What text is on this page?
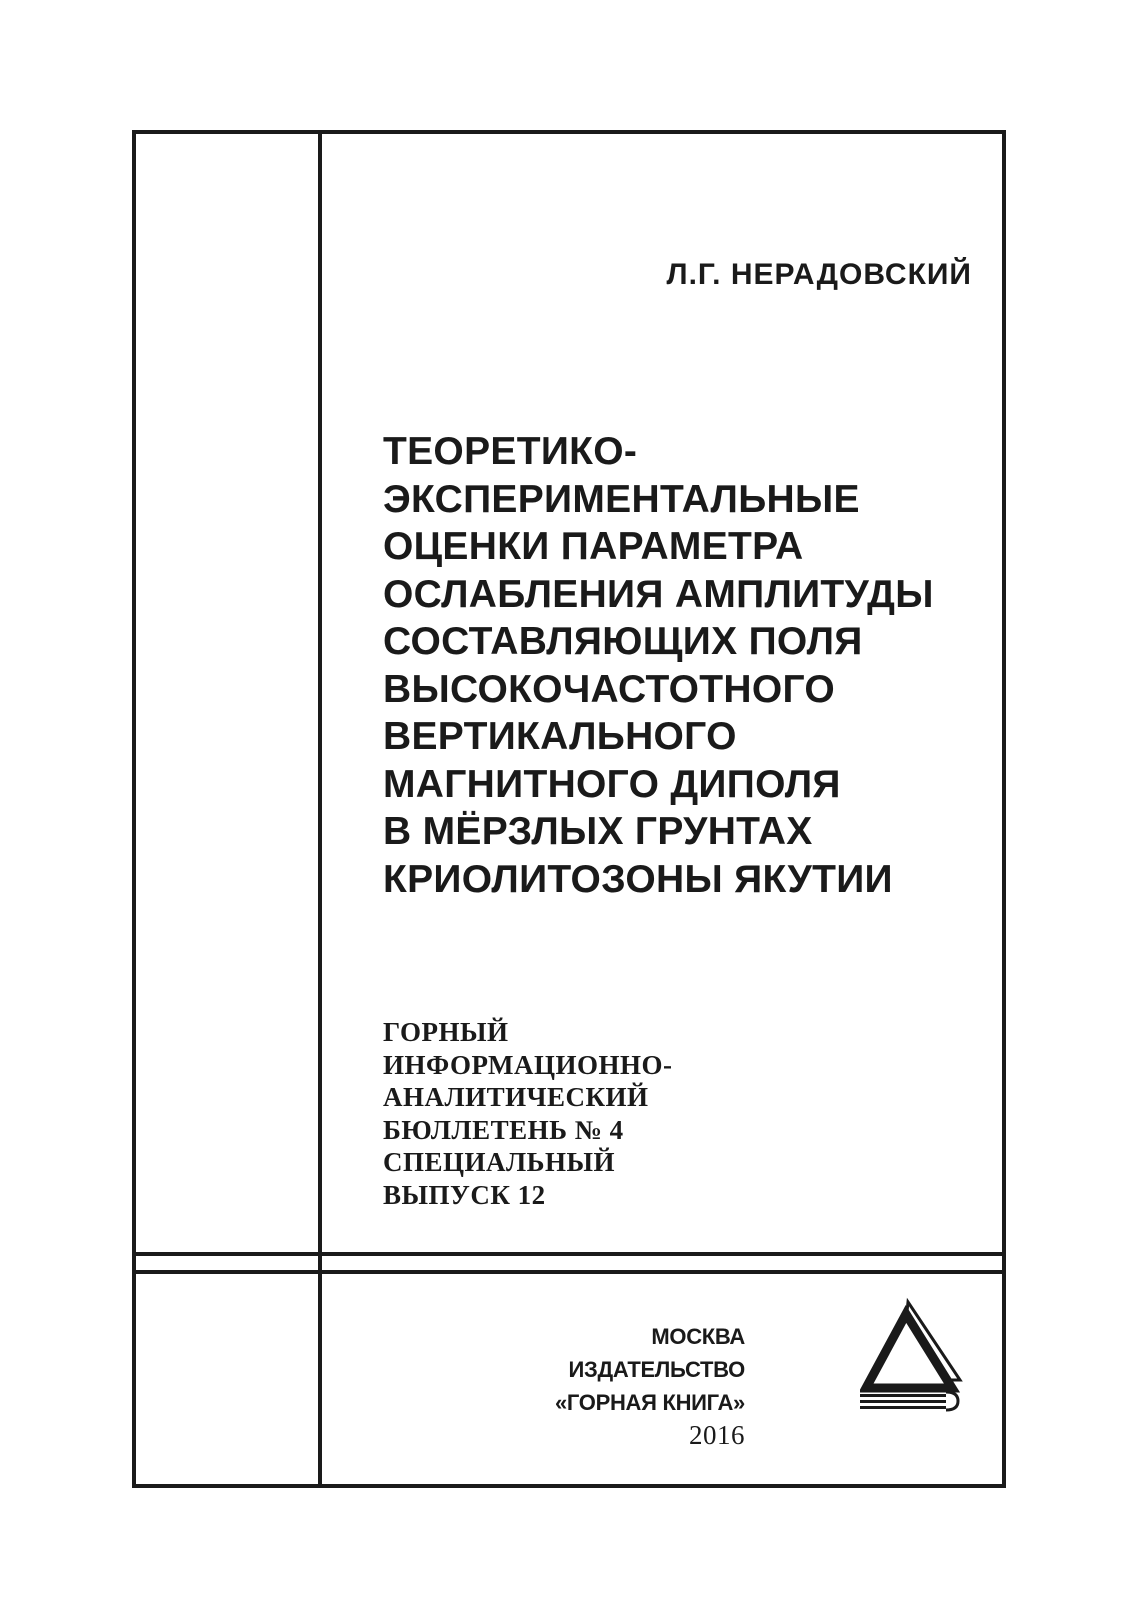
Л.Г. НЕРАДОВСКИЙ
ТЕОРЕТИКО-
ЭКСПЕРИМЕНТАЛЬНЫЕ
ОЦЕНКИ ПАРАМЕТРА
ОСЛАБЛЕНИЯ АМПЛИТУДЫ
СОСТАВЛЯЮЩИХ ПОЛЯ
ВЫСОКОЧАСТОТНОГО
ВЕРТИКАЛЬНОГО
МАГНИТНОГО ДИПОЛЯ
В МЁРЗЛЫХ ГРУНТАХ
КРИОЛИТОЗОНЫ ЯКУТИИ
ГОРНЫЙ
ИНФОРМАЦИОННО-
АНАЛИТИЧЕСКИЙ
БЮЛЛЕТЕНЬ № 4
СПЕЦИАЛЬНЫЙ
ВЫПУСК 12
МОСКВА
ИЗДАТЕЛЬСТВО
«ГОРНАЯ КНИГА»
2016
